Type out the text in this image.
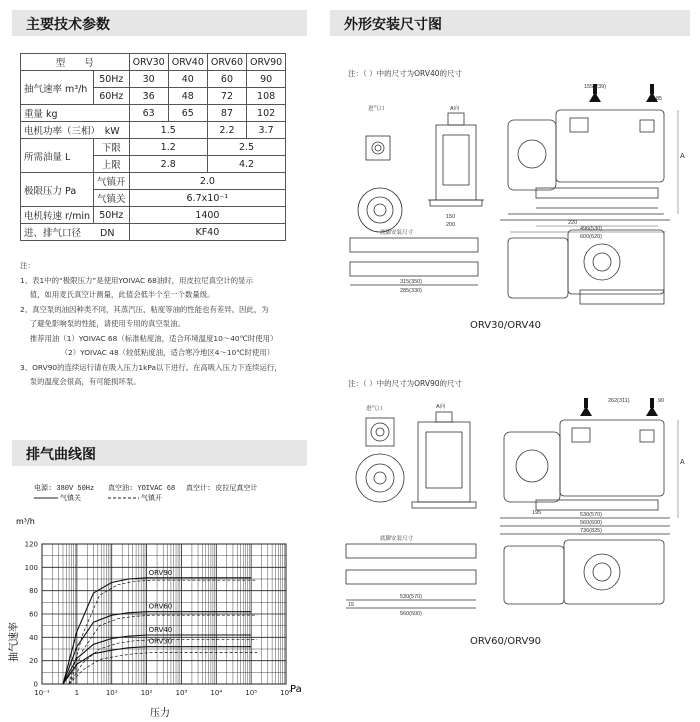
主要技术参数	外形安装尺寸图
排气曲线图
型　　号		ORV30	ORV40	ORV60	ORV90
抽气速率 m³/h	50Hz	30	40	60	90
	60Hz	36	48	72	108
重量 kg		63	65	87	102
电机功率（三相）　kW		1.5		2.2	3.7
所需油量 L	下限	1.2		2.5	
	上限	2.8		4.2	
极限压力 Pa	气镇开	2.0			
	气镇关	6.7x10⁻¹			
电机转速 r/min	50Hz	1400			
进、排气口径　　DN		KF40			
注：
1、表1中的“极限压力”是使用YOIVAC 68油时，用皮拉尼真空计的显示
　 值，如用麦氏真空计测量，此值会低半个至一个数量级。
2、真空泵的油因种类不同，其蒸汽压、粘度等油的性能也有差异。因此，为
　 了避免影响泵的性能，请使用专用的真空泵油。
　 推荐用油（1）YOIVAC 68（标准粘度油，适合环境温度10～40℃时使用）
　　　　　　（2）YOIVAC 48（较低粘度油，适合寒冷地区4～10℃时使用）
3、ORV90的连续运行请在吸入压力1kPa以下进行。在高吸入压力下连续运行，
　 泵的温度会很高，有可能损坏泵。
注：（ ）中的尺寸为ORV40的尺寸
进气口	A向
底脚安装尺寸
155(239)
85
150
200	220
496(530)
600(620)
315(350)
285(330)
A
ORV30/ORV40
注：（ ）中的尺寸为ORV90的尺寸
进气口	A向
底脚安装尺寸
262(311)	90
195	530(570)
560(600)
736(825)
530(570)
560(600)
15
A
ORV60/ORV90
电源: 380V 50Hz 真空油: YOIVAC 68 真空计: 皮拉尼真空计
气镇关	气镇开
m³/h
抽气速率
压力
Pa
ORV90
ORV60
ORV40
ORV30
120
100
80
60
40
20
0
10⁻¹	1	10¹	10²	10³	10⁴	10⁵	10⁶
